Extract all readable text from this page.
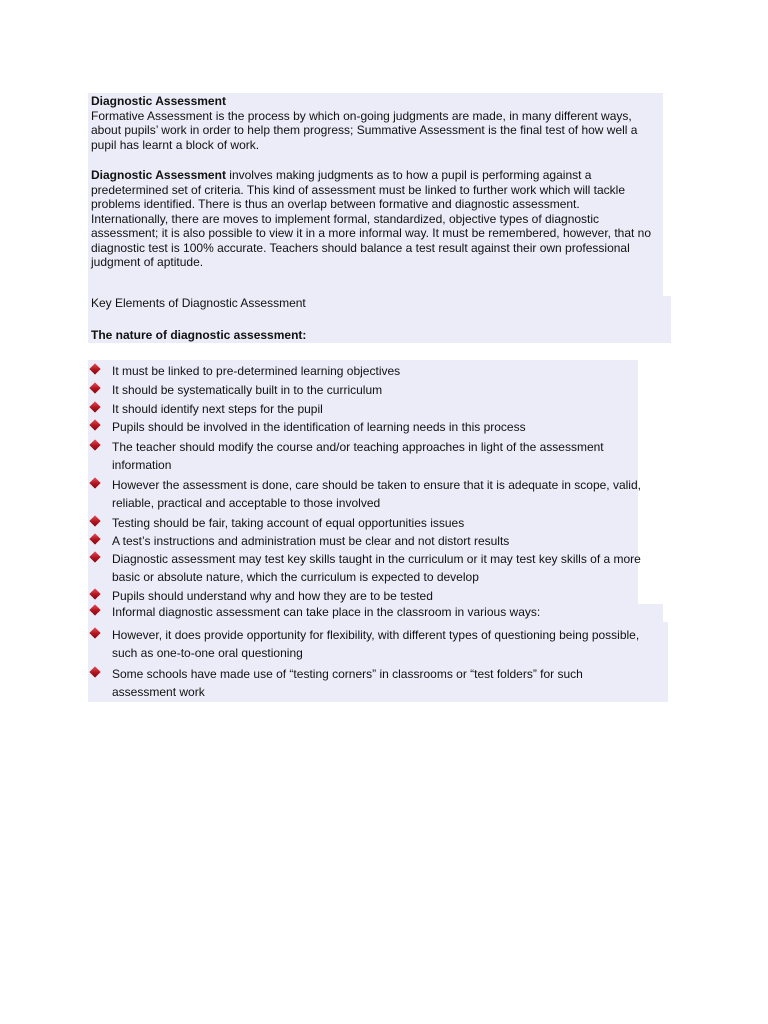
Diagnostic Assessment
Formative Assessment is the process by which on-going judgments are made, in many different ways, about pupils’ work in order to help them progress; Summative Assessment is the final test of how well a pupil has learnt a block of work.

Diagnostic Assessment involves making judgments as to how a pupil is performing against a predetermined set of criteria. This kind of assessment must be linked to further work which will tackle problems identified. There is thus an overlap between formative and diagnostic assessment. Internationally, there are moves to implement formal, standardized, objective types of diagnostic assessment; it is also possible to view it in a more informal way. It must be remembered, however, that no diagnostic test is 100% accurate. Teachers should balance a test result against their own professional judgment of aptitude.

Key Elements of Diagnostic Assessment
The nature of diagnostic assessment:
It must be linked to pre-determined learning objectives
It should be systematically built in to the curriculum
It should identify next steps for the pupil
Pupils should be involved in the identification of learning needs in this process
The teacher should modify the course and/or teaching approaches in light of the assessment information
However the assessment is done, care should be taken to ensure that it is adequate in scope, valid, reliable, practical and acceptable to those involved
Testing should be fair, taking account of equal opportunities issues
A test’s instructions and administration must be clear and not distort results
Diagnostic assessment may test key skills taught in the curriculum or it may test key skills of a more basic or absolute nature, which the curriculum is expected to develop
Pupils should understand why and how they are to be tested
Informal diagnostic assessment can take place in the classroom in various ways:
However, it does provide opportunity for flexibility, with different types of questioning being possible, such as one-to-one oral questioning
Some schools have made use of “testing corners” in classrooms or “test folders” for such assessment work
